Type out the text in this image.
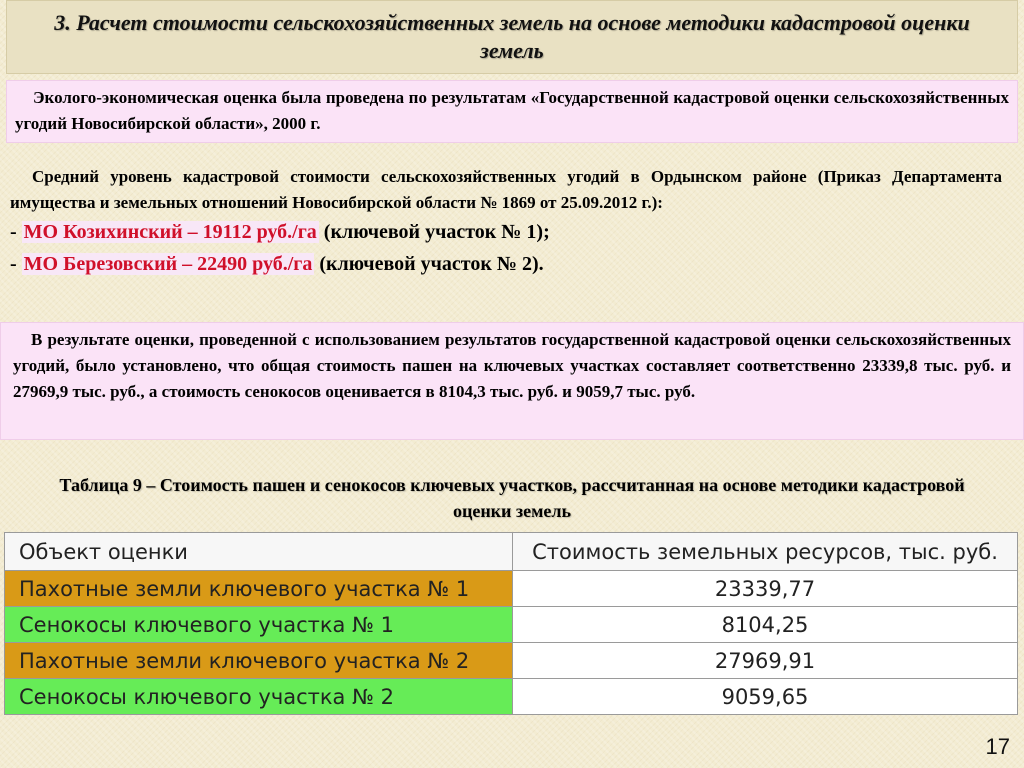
3. Расчет стоимости сельскохозяйственных земель на основе методики кадастровой оценки земель

Эколого-экономическая оценка была проведена по результатам «Государственной кадастровой оценки сельскохозяйственных угодий Новосибирской области», 2000 г.

Средний уровень кадастровой стоимости сельскохозяйственных угодий в Ордынском районе (Приказ Департамента имущества и земельных отношений Новосибирской области № 1869 от 25.09.2012 г.):

- МО Козихинский – 19112 руб./га (ключевой участок № 1);
- МО Березовский – 22490 руб./га (ключевой участок № 2).

В результате оценки, проведенной с использованием результатов государственной кадастровой оценки сельскохозяйственных угодий, было установлено, что общая стоимость пашен на ключевых участках составляет соответственно 23339,8 тыс. руб. и 27969,9 тыс. руб., а стоимость сенокосов оценивается в 8104,3 тыс. руб. и 9059,7 тыс. руб.

Таблица 9 – Стоимость пашен и сенокосов ключевых участков, рассчитанная на основе методики кадастровой оценки земель
Объект оценки	Стоимость земельных ресурсов, тыс. руб.
Пахотные земли ключевого участка № 1	23339,77
Сенокосы ключевого участка № 1	8104,25
Пахотные земли ключевого участка № 2	27969,91
Сенокосы ключевого участка № 2	9059,65
17
